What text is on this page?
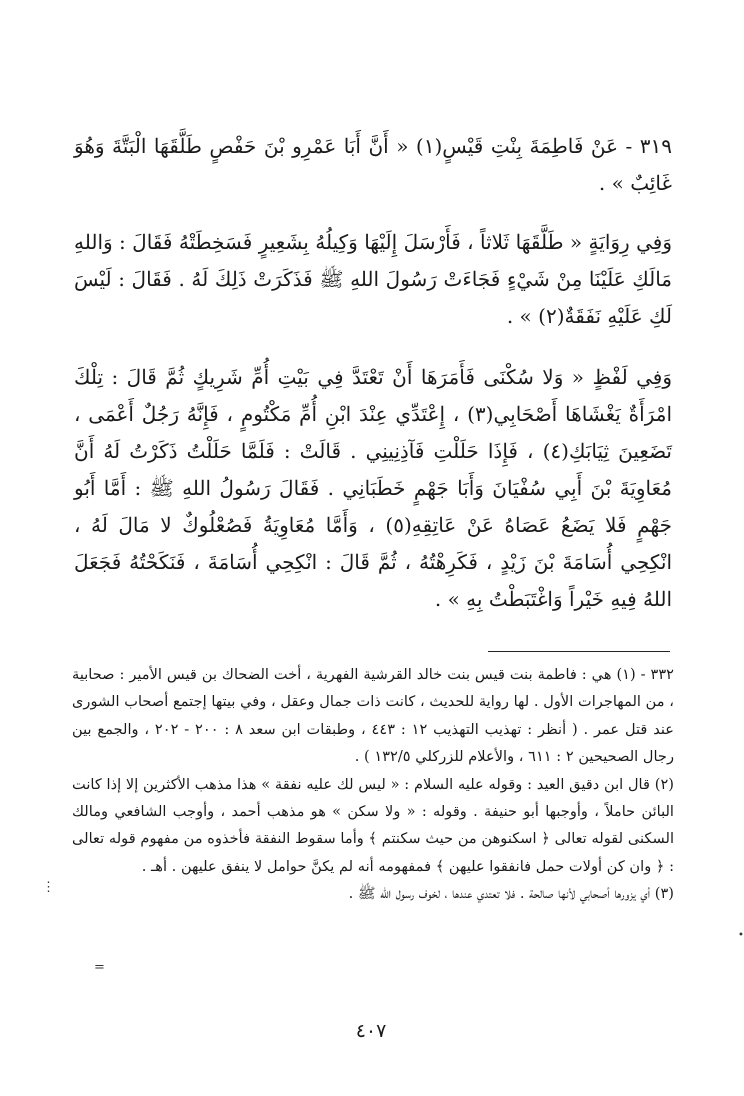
٣١٩ - عَنْ فَاطِمَةَ بِنْتِ قَيْسٍ(١) « أَنَّ أَبَا عَمْرِو بْنَ حَفْصٍ طَلَّقَهَا الْبَتَّةَ وَهُوَ غَائِبٌ » .

وَفِي رِوَايَةٍ « طَلَّقَهَا ثَلاثاً ، فَأَرْسَلَ إِلَيْهَا وَكِيلُهُ بِشَعِيرٍ فَسَخِطَتْهُ فَقَالَ : وَاللهِ مَالَكِ عَلَيْنَا مِنْ شَيْءٍ فَجَاءَتْ رَسُولَ اللهِ ﷺ فَذَكَرَتْ ذَلِكَ لَهُ . فَقَالَ : لَيْسَ لَكِ عَلَيْهِ نَفَقَةٌ(٢) » .

وَفِي لَفْظٍ « وَلا سُكْنَى فَأَمَرَهَا أَنْ تَعْتَدَّ فِي بَيْتِ أُمِّ شَرِيكٍ ثُمَّ قَالَ : تِلْكَ امْرَأَةٌ يَغْشَاهَا أَصْحَابِي(٣) ، إِعْتَدِّي عِنْدَ ابْنِ أُمِّ مَكْتُومٍ ، فَإِنَّهُ رَجُلٌ أَعْمَى ، تَضَعِينَ ثِيَابَكِ(٤) ، فَإِذَا حَلَلْتِ فَآذِنِينِي . قَالَتْ : فَلَمَّا حَلَلْتُ ذَكَرْتُ لَهُ أَنَّ مُعَاوِيَةَ بْنَ أَبِي سُفْيَانَ وَأَبَا جَهْمٍ خَطَبَانِي . فَقَالَ رَسُولُ اللهِ ﷺ : أَمَّا أَبُو جَهْمٍ فَلا يَضَعُ عَصَاهُ عَنْ عَاتِقِهِ(٥) ، وَأَمَّا مُعَاوِيَةُ فَصُعْلُوكٌ لا مَالَ لَهُ ، انْكِحِي أُسَامَةَ بْنَ زَيْدٍ ، فَكَرِهْتُهُ ، ثُمَّ قَالَ : انْكِحِي أُسَامَةَ ، فَنَكَحْتُهُ فَجَعَلَ اللهُ فِيهِ خَيْراً وَاغْتَبَطْتُ بِهِ » .

٣٣٢ - (١) هي : فاطمة بنت قيس بنت خالد القرشية الفهرية ، أخت الضحاك بن قيس الأمير : صحابية ، من المهاجرات الأول . لها رواية للحديث ، كانت ذات جمال وعقل ، وفي بيتها إجتمع أصحاب الشورى عند قتل عمر . ( أنظر : تهذيب التهذيب ١٢ : ٤٤٣ ، وطبقات ابن سعد ٨ : ٢٠٠ - ٢٠٢ ، والجمع بين رجال الصحيحين ٢ : ٦١١ ، والأعلام للزركلي ١٣٢/٥ ) .

(٢) قال ابن دقيق العيد : وقوله عليه السلام : « ليس لك عليه نفقة » هذا مذهب الأكثرين إلا إذا كانت البائن حاملاً ، وأوجبها أبو حنيفة . وقوله : « ولا سكن » هو مذهب أحمد ، وأوجب الشافعي ومالك السكنى لقوله تعالى ﴿ اسكنوهن من حيث سكنتم ﴾ وأما سقوط النفقة فأخذوه من مفهوم قوله تعالى : ﴿ وان كن أولات حمل فانفقوا عليهن ﴾ فمفهومه أنه لم يكنَّ حوامل لا ينفق عليهن . أهـ .

(٣) أي يزورها أصحابي لأنها صالحة . فلا تعتدي عندها ، لخوف رسول الله ﷺ .

٤٠٧
⋮
•
=
